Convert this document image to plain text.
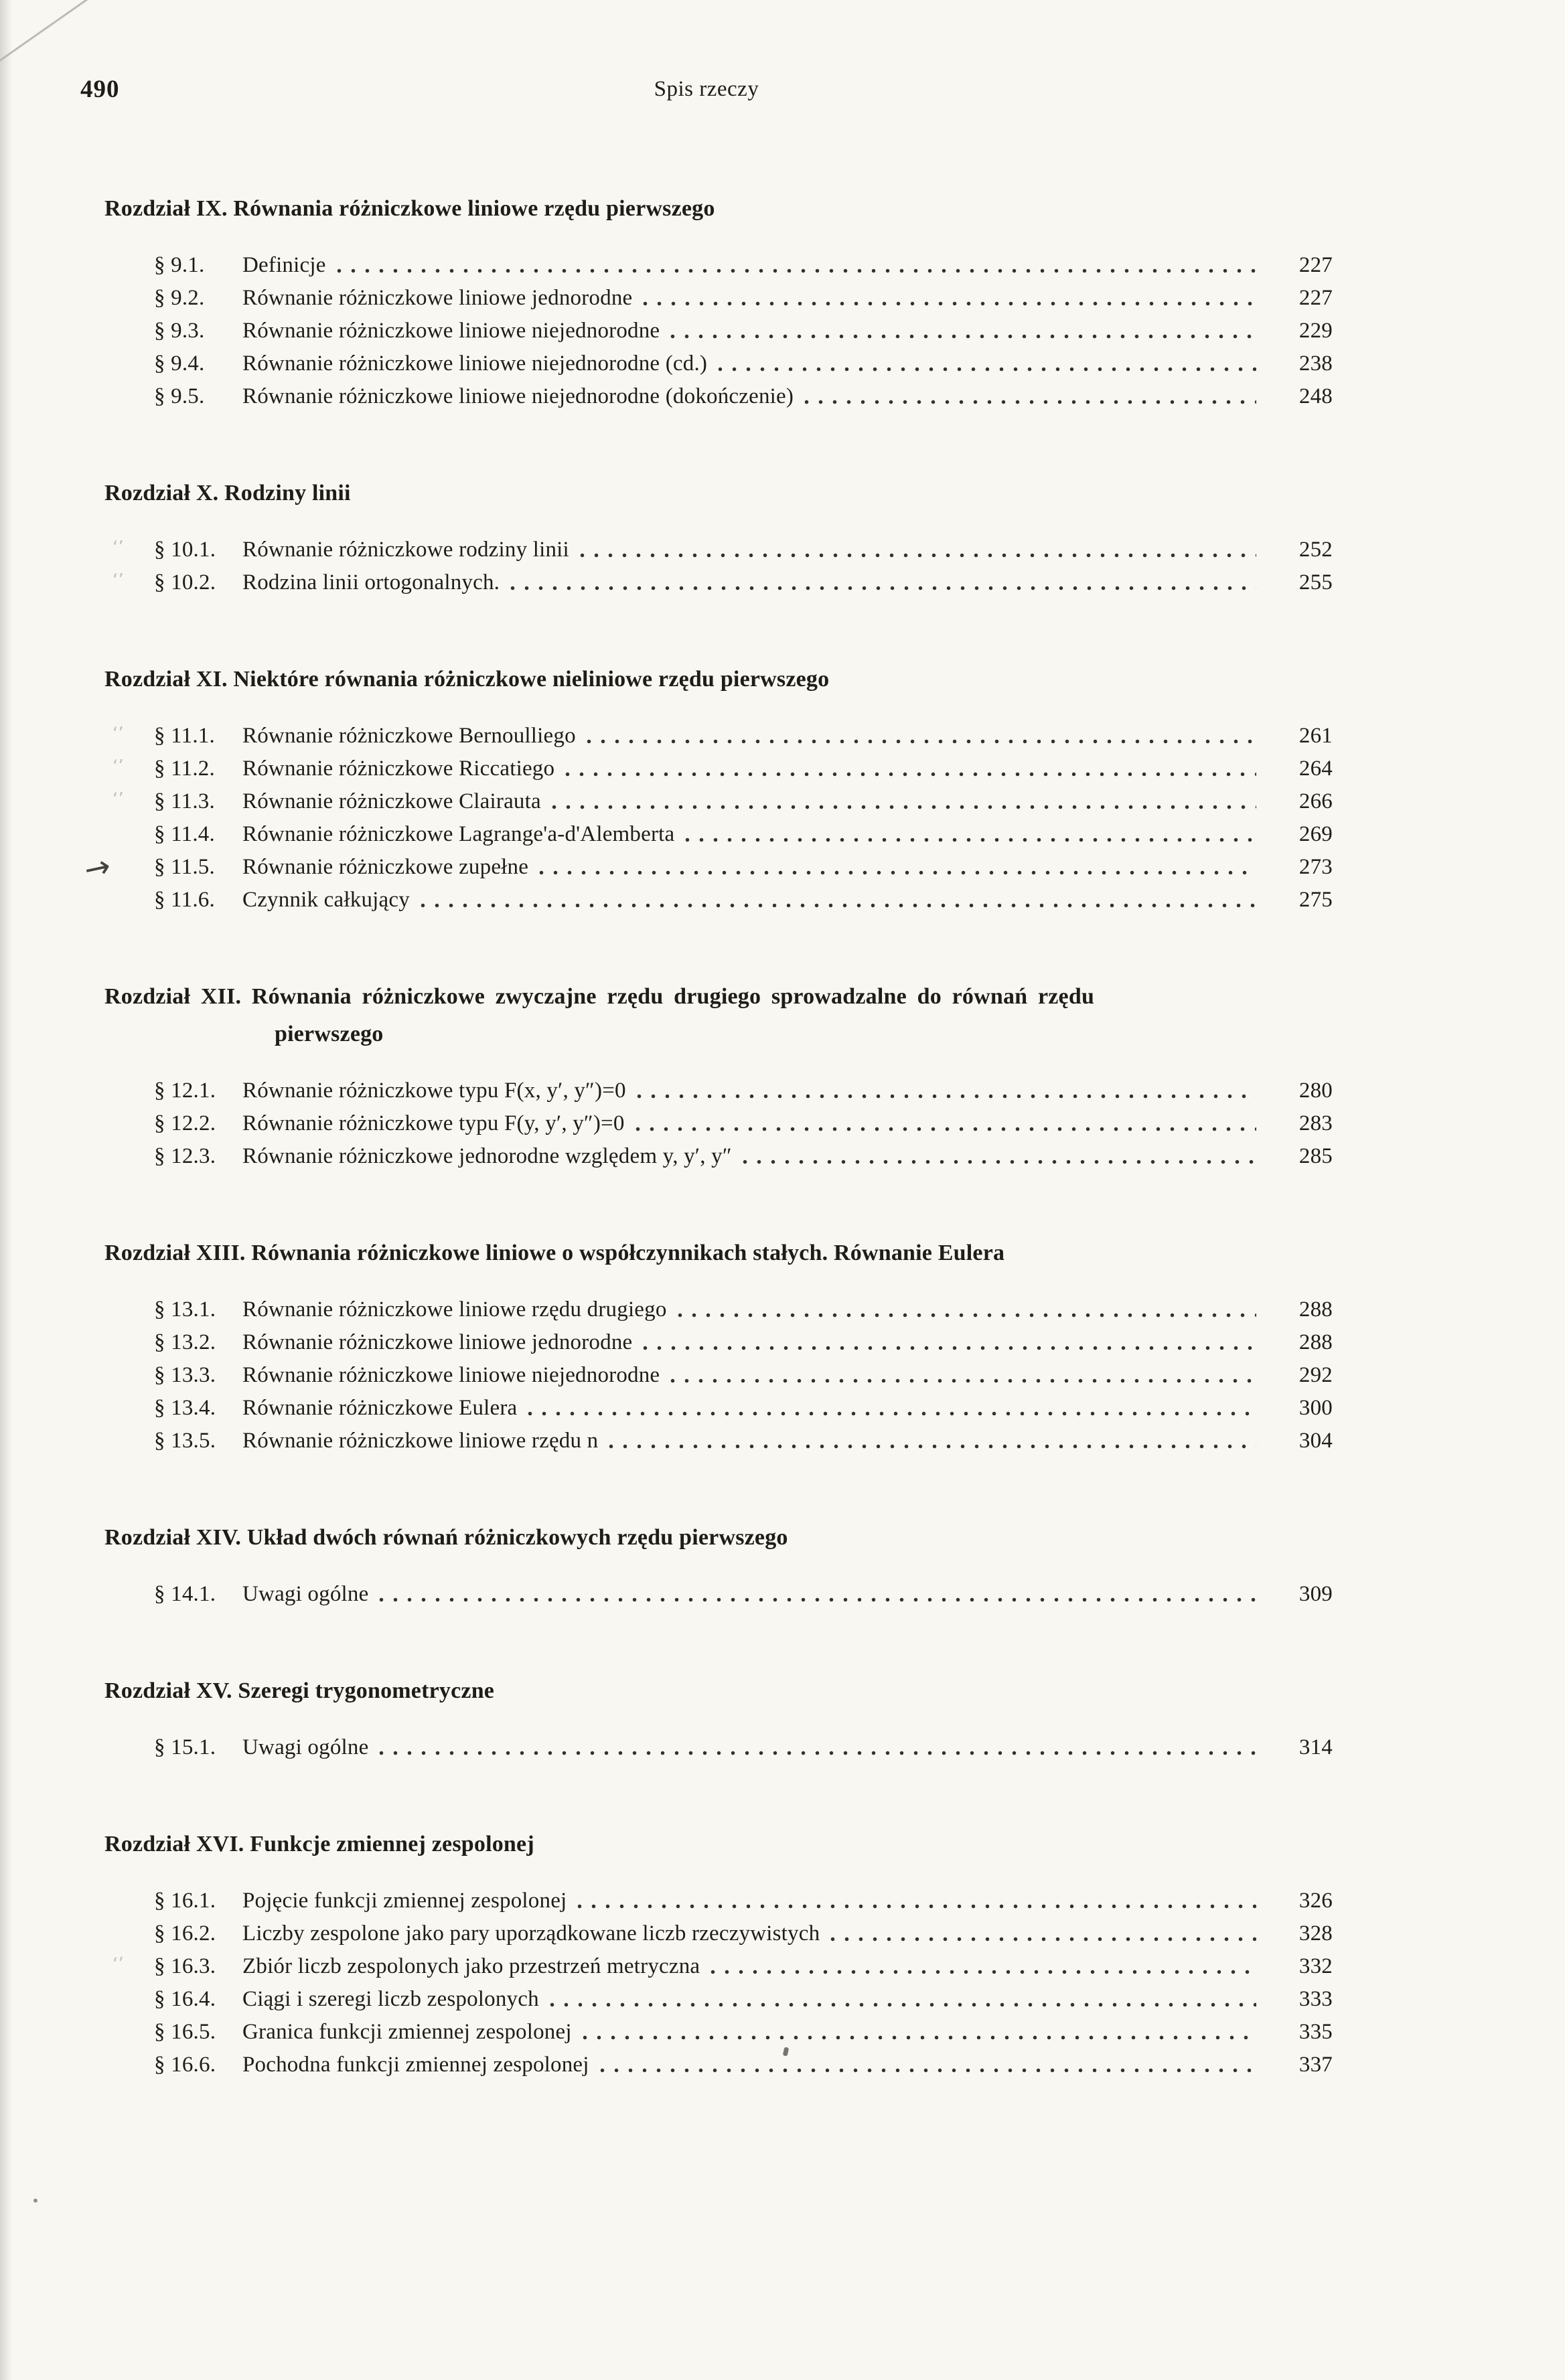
490	Spis rzeczy
Rozdział IX. Równania różniczkowe liniowe rzędu pierwszego
§ 9.1.	Definicje	227
§ 9.2.	Równanie różniczkowe liniowe jednorodne	227
§ 9.3.	Równanie różniczkowe liniowe niejednorodne	229
§ 9.4.	Równanie różniczkowe liniowe niejednorodne (cd.)	238
§ 9.5.	Równanie różniczkowe liniowe niejednorodne (dokończenie)	248
Rozdział X. Rodziny linii
ʻʼ § 10.1.	Równanie różniczkowe rodziny linii	252
ʻʼ § 10.2.	Rodzina linii ortogonalnych.	255
Rozdział XI. Niektóre równania różniczkowe nieliniowe rzędu pierwszego
ʻʼ § 11.1.	Równanie różniczkowe Bernoulliego	261
ʻʼ § 11.2.	Równanie różniczkowe Riccatiego	264
ʻʼ § 11.3.	Równanie różniczkowe Clairauta	266
§ 11.4.	Równanie różniczkowe Lagrange'a-d'Alemberta	269
→ § 11.5.	Równanie różniczkowe zupełne	273
§ 11.6.	Czynnik całkujący	275
Rozdział XII. Równania różniczkowe zwyczajne rzędu drugiego sprowadzalne do równań rzędu
pierwszego
§ 12.1.	Równanie różniczkowe typu F(x, y′, y″)=0	280
§ 12.2.	Równanie różniczkowe typu F(y, y′, y″)=0	283
§ 12.3.	Równanie różniczkowe jednorodne względem y, y′, y″	285
Rozdział XIII. Równania różniczkowe liniowe o współczynnikach stałych. Równanie Eulera
§ 13.1.	Równanie różniczkowe liniowe rzędu drugiego	288
§ 13.2.	Równanie różniczkowe liniowe jednorodne	288
§ 13.3.	Równanie różniczkowe liniowe niejednorodne	292
§ 13.4.	Równanie różniczkowe Eulera	300
§ 13.5.	Równanie różniczkowe liniowe rzędu n	304
Rozdział XIV. Układ dwóch równań różniczkowych rzędu pierwszego
§ 14.1.	Uwagi ogólne	309
Rozdział XV. Szeregi trygonometryczne
§ 15.1.	Uwagi ogólne	314
Rozdział XVI. Funkcje zmiennej zespolonej
§ 16.1.	Pojęcie funkcji zmiennej zespolonej	326
§ 16.2.	Liczby zespolone jako pary uporządkowane liczb rzeczywistych	328
ʻʼ § 16.3.	Zbiór liczb zespolonych jako przestrzeń metryczna	332
§ 16.4.	Ciągi i szeregi liczb zespolonych	333
§ 16.5.	Granica funkcji zmiennej zespolonej	335
§ 16.6.	Pochodna funkcji zmiennej zespolonej	337
